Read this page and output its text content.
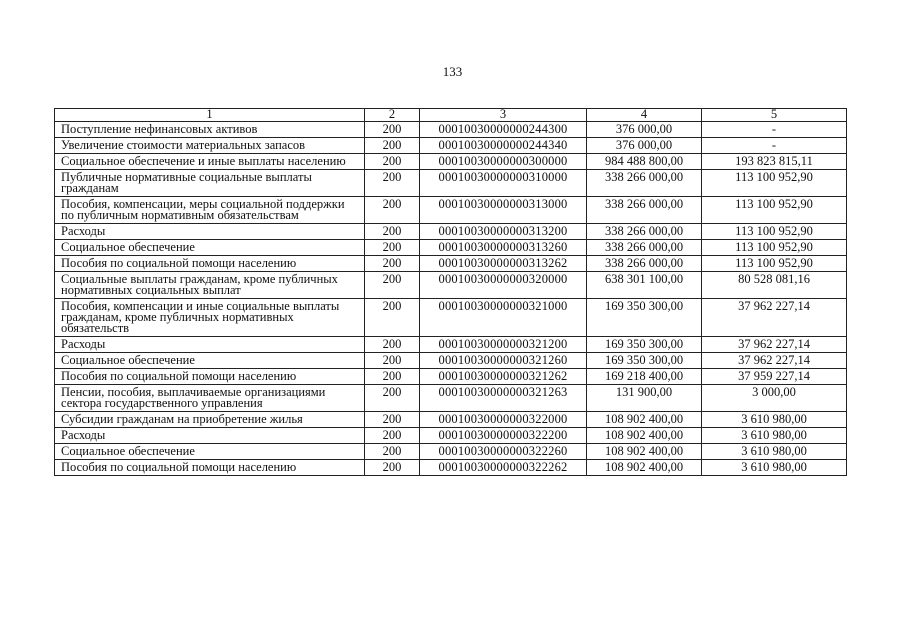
133
1	2	3	4	5
Поступление нефинансовых активов	200	00010030000000244300	376 000,00	-
Увеличение стоимости материальных запасов	200	00010030000000244340	376 000,00	-
Социальное обеспечение и иные выплаты населению	200	00010030000000300000	984 488 800,00	193 823 815,11
Публичные нормативные социальные выплаты гражданам	200	00010030000000310000	338 266 000,00	113 100 952,90
Пособия, компенсации, меры социальной поддержки по публичным нормативным обязательствам	200	00010030000000313000	338 266 000,00	113 100 952,90
Расходы	200	00010030000000313200	338 266 000,00	113 100 952,90
Социальное обеспечение	200	00010030000000313260	338 266 000,00	113 100 952,90
Пособия по социальной помощи населению	200	00010030000000313262	338 266 000,00	113 100 952,90
Социальные выплаты гражданам, кроме публичных нормативных социальных выплат	200	00010030000000320000	638 301 100,00	80 528 081,16
Пособия, компенсации и иные социальные выплаты гражданам, кроме публичных нормативных обязательств	200	00010030000000321000	169 350 300,00	37 962 227,14
Расходы	200	00010030000000321200	169 350 300,00	37 962 227,14
Социальное обеспечение	200	00010030000000321260	169 350 300,00	37 962 227,14
Пособия по социальной помощи населению	200	00010030000000321262	169 218 400,00	37 959 227,14
Пенсии, пособия, выплачиваемые организациями сектора государственного управления	200	00010030000000321263	131 900,00	3 000,00
Субсидии гражданам на приобретение жилья	200	00010030000000322000	108 902 400,00	3 610 980,00
Расходы	200	00010030000000322200	108 902 400,00	3 610 980,00
Социальное обеспечение	200	00010030000000322260	108 902 400,00	3 610 980,00
Пособия по социальной помощи населению	200	00010030000000322262	108 902 400,00	3 610 980,00
